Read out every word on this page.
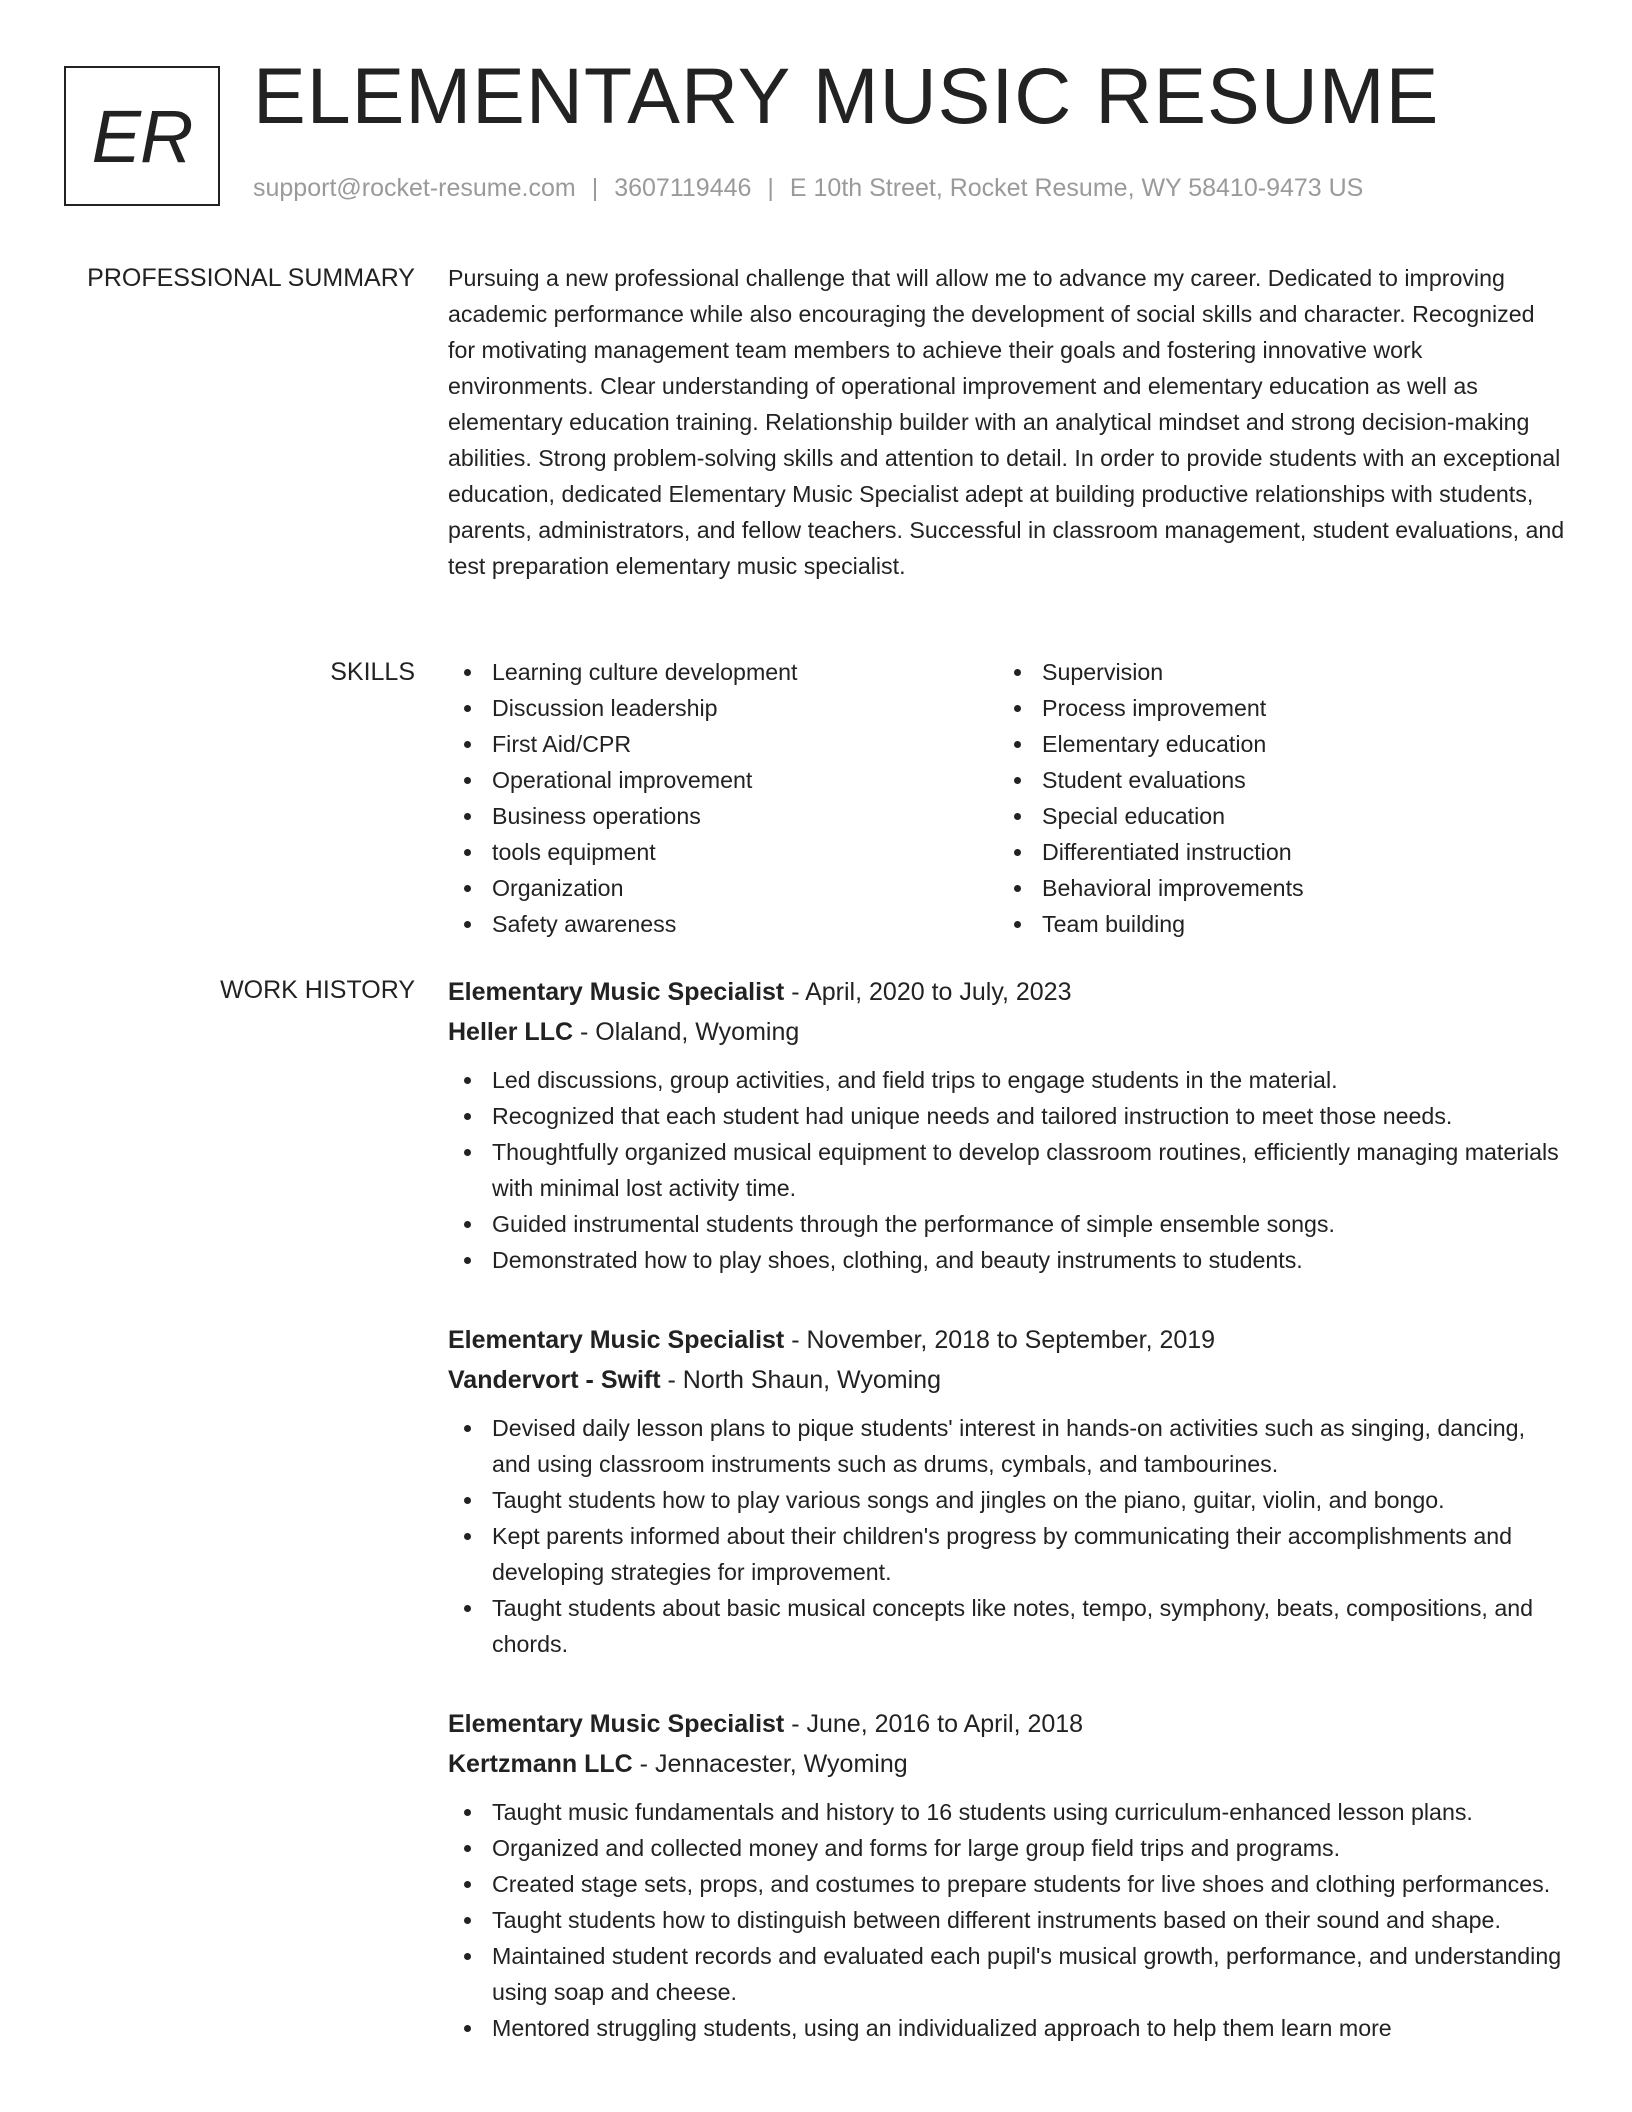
ER ELEMENTARY MUSIC RESUME
support@rocket-resume.com | 3607119446 | E 10th Street, Rocket Resume, WY 58410-9473 US
PROFESSIONAL SUMMARY Pursuing a new professional challenge that will allow me to advance my career. Dedicated to improving academic performance while also encouraging the development of social skills and character. Recognized for motivating management team members to achieve their goals and fostering innovative work environments. Clear understanding of operational improvement and elementary education as well as elementary education training. Relationship builder with an analytical mindset and strong decision-making abilities. Strong problem-solving skills and attention to detail. In order to provide students with an exceptional education, dedicated Elementary Music Specialist adept at building productive relationships with students, parents, administrators, and fellow teachers. Successful in classroom management, student evaluations, and test preparation elementary music specialist.

SKILLS	Learning culture development
Discussion leadership
First Aid/CPR
Operational improvement
Business operations
tools equipment
Organization
Safety awareness
Supervision
Process improvement
Elementary education
Student evaluations
Special education
Differentiated instruction
Behavioral improvements
Team building
WORK HISTORY Elementary Music Specialist - April, 2020 to July, 2023
Heller LLC - Olaland, Wyoming
Led discussions, group activities, and field trips to engage students in the material.
Recognized that each student had unique needs and tailored instruction to meet those needs.
Thoughtfully organized musical equipment to develop classroom routines, efficiently managing materials with minimal lost activity time.
Guided instrumental students through the performance of simple ensemble songs.
Demonstrated how to play shoes, clothing, and beauty instruments to students.
Elementary Music Specialist - November, 2018 to September, 2019
Vandervort - Swift - North Shaun, Wyoming
Devised daily lesson plans to pique students' interest in hands-on activities such as singing, dancing, and using classroom instruments such as drums, cymbals, and tambourines.
Taught students how to play various songs and jingles on the piano, guitar, violin, and bongo.
Kept parents informed about their children's progress by communicating their accomplishments and developing strategies for improvement.
Taught students about basic musical concepts like notes, tempo, symphony, beats, compositions, and chords.
Elementary Music Specialist - June, 2016 to April, 2018
Kertzmann LLC - Jennacester, Wyoming
Taught music fundamentals and history to 16 students using curriculum-enhanced lesson plans.
Organized and collected money and forms for large group field trips and programs.
Created stage sets, props, and costumes to prepare students for live shoes and clothing performances.
Taught students how to distinguish between different instruments based on their sound and shape.
Maintained student records and evaluated each pupil's musical growth, performance, and understanding using soap and cheese.
Mentored struggling students, using an individualized approach to help them learn more
